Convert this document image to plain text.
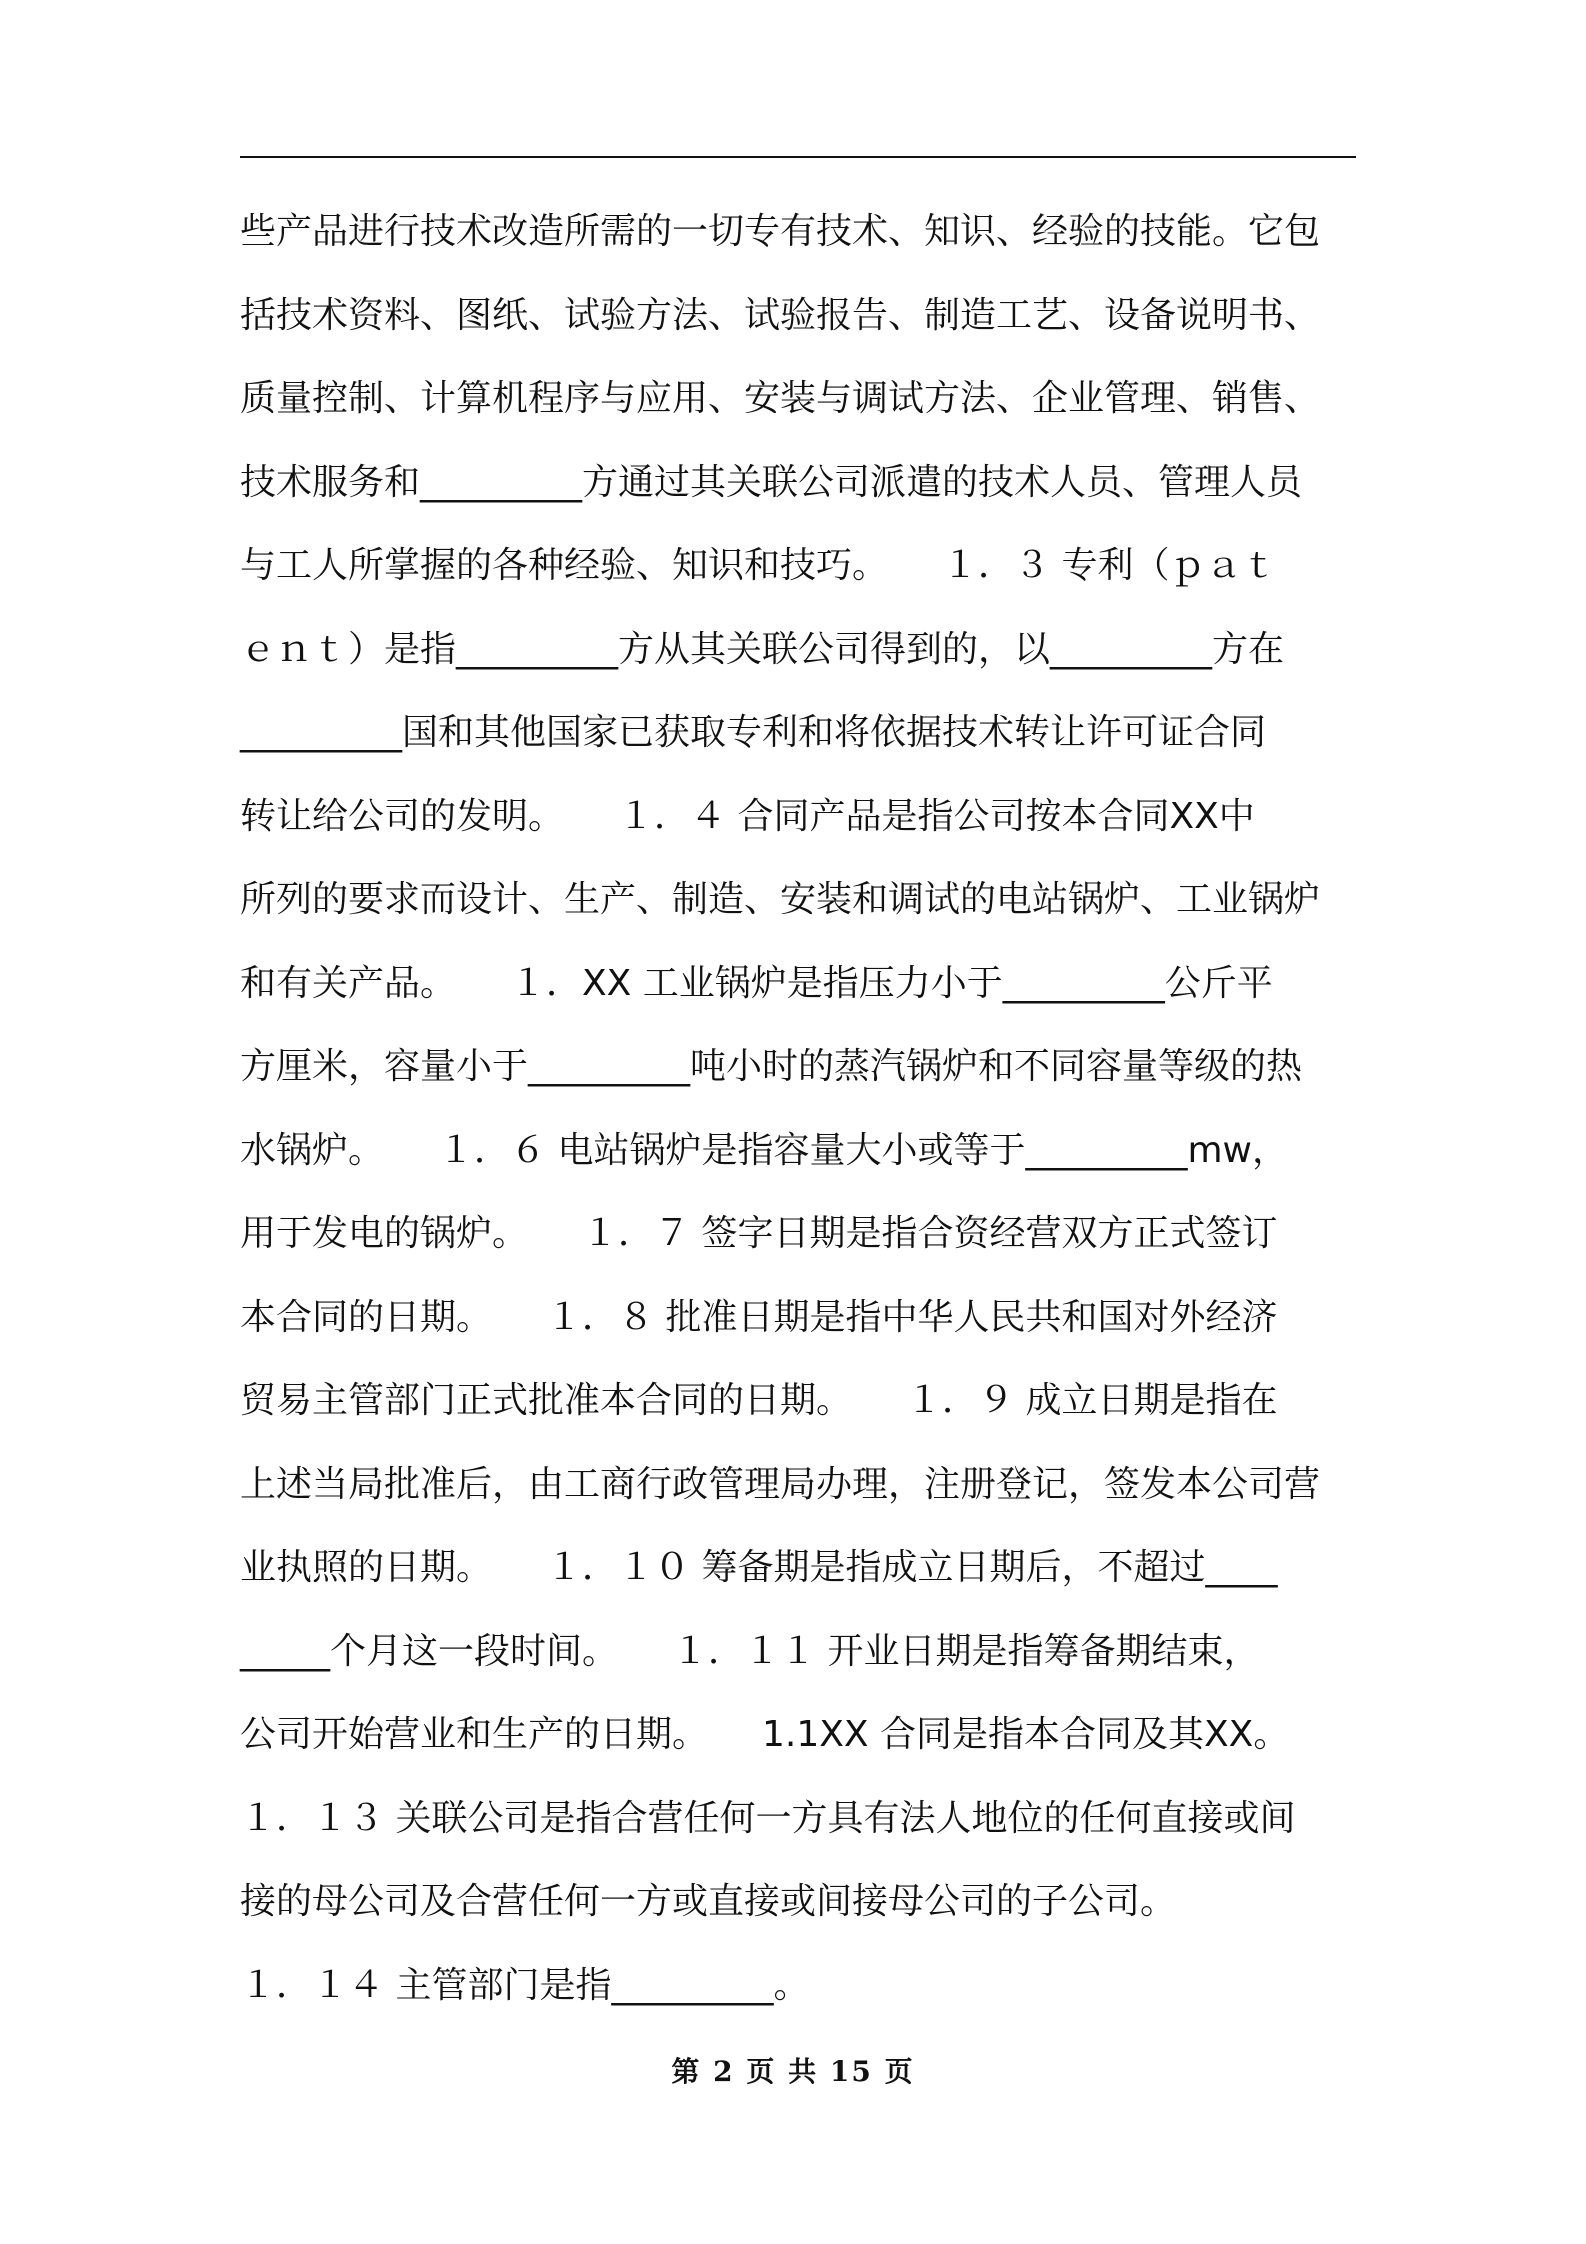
些产品进行技术改造所需的一切专有技术、知识、经验的技能。它包
括技术资料、图纸、试验方法、试验报告、制造工艺、设备说明书、
质量控制、计算机程序与应用、安装与调试方法、企业管理、销售、
技术服务和_________方通过其关联公司派遣的技术人员、管理人员
与工人所掌握的各种经验、知识和技巧。　　１．３ 专利（ｐａｔ
ｅｎｔ）是指_________方从其关联公司得到的，以_________方在
_________国和其他国家已获取专利和将依据技术转让许可证合同
转让给公司的发明。　　１．４ 合同产品是指公司按本合同XX中
所列的要求而设计、生产、制造、安装和调试的电站锅炉、工业锅炉
和有关产品。　　１．XX 工业锅炉是指压力小于_________公斤平
方厘米，容量小于_________吨小时的蒸汽锅炉和不同容量等级的热
水锅炉。　　１．６ 电站锅炉是指容量大小或等于_________mw，
用于发电的锅炉。　　１．７ 签字日期是指合资经营双方正式签订
本合同的日期。　　１．８ 批准日期是指中华人民共和国对外经济
贸易主管部门正式批准本合同的日期。　　１．９ 成立日期是指在
上述当局批准后，由工商行政管理局办理，注册登记，签发本公司营
业执照的日期。　　１．１０ 筹备期是指成立日期后，不超过____
_____个月这一段时间。　　１．１１ 开业日期是指筹备期结束，
公司开始营业和生产的日期。　　1.1XX 合同是指本合同及其XX。
１．１３ 关联公司是指合营任何一方具有法人地位的任何直接或间
接的母公司及合营任何一方或直接或间接母公司的子公司。
１．１４ 主管部门是指_________。
第 2 页 共 15 页
